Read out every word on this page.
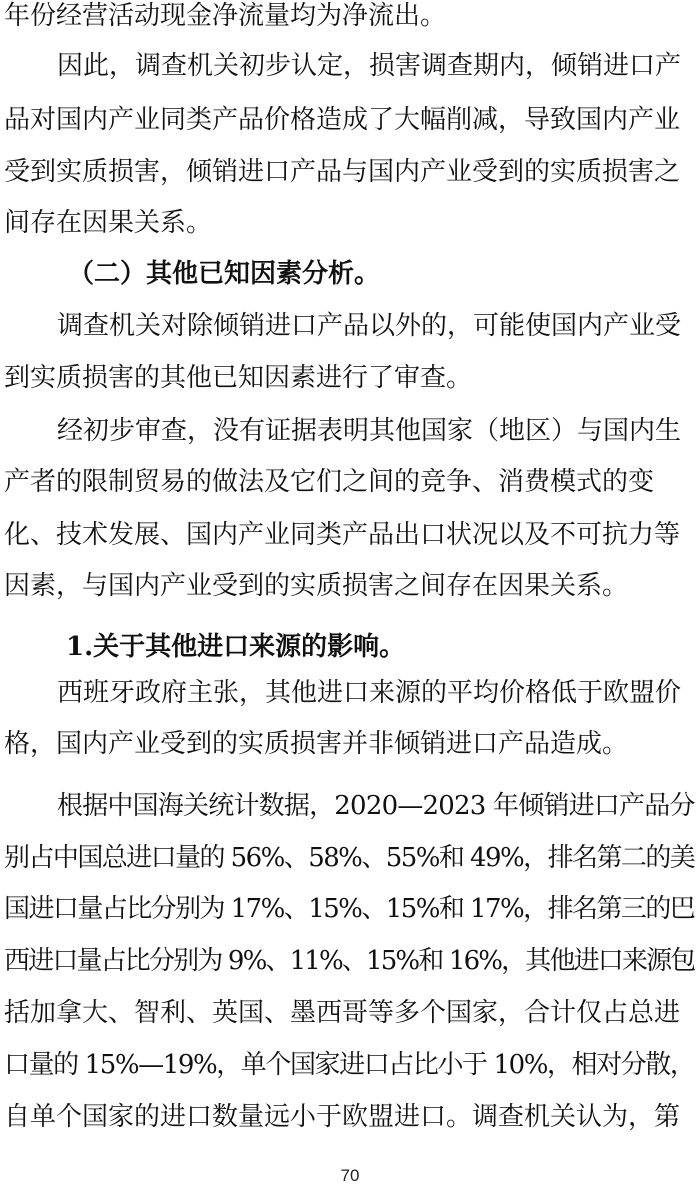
年份经营活动现金净流量均为净流出。
因此，调查机关初步认定，损害调查期内，倾销进口产
品对国内产业同类产品价格造成了大幅削减，导致国内产业
受到实质损害，倾销进口产品与国内产业受到的实质损害之
间存在因果关系。
（二）其他已知因素分析。
调查机关对除倾销进口产品以外的，可能使国内产业受
到实质损害的其他已知因素进行了审查。
经初步审查，没有证据表明其他国家（地区）与国内生
产者的限制贸易的做法及它们之间的竞争、消费模式的变
化、技术发展、国内产业同类产品出口状况以及不可抗力等
因素，与国内产业受到的实质损害之间存在因果关系。
1.关于其他进口来源的影响。
西班牙政府主张，其他进口来源的平均价格低于欧盟价
格，国内产业受到的实质损害并非倾销进口产品造成。
根据中国海关统计数据，2020—2023 年倾销进口产品分
别占中国总进口量的 56%、58%、55%和 49%，排名第二的美
国进口量占比分别为 17%、15%、15%和 17%，排名第三的巴
西进口量占比分别为 9%、11%、15%和 16%，其他进口来源包
括加拿大、智利、英国、墨西哥等多个国家，合计仅占总进
口量的 15%—19%，单个国家进口占比小于 10%，相对分散，
自单个国家的进口数量远小于欧盟进口。调查机关认为，第
70
